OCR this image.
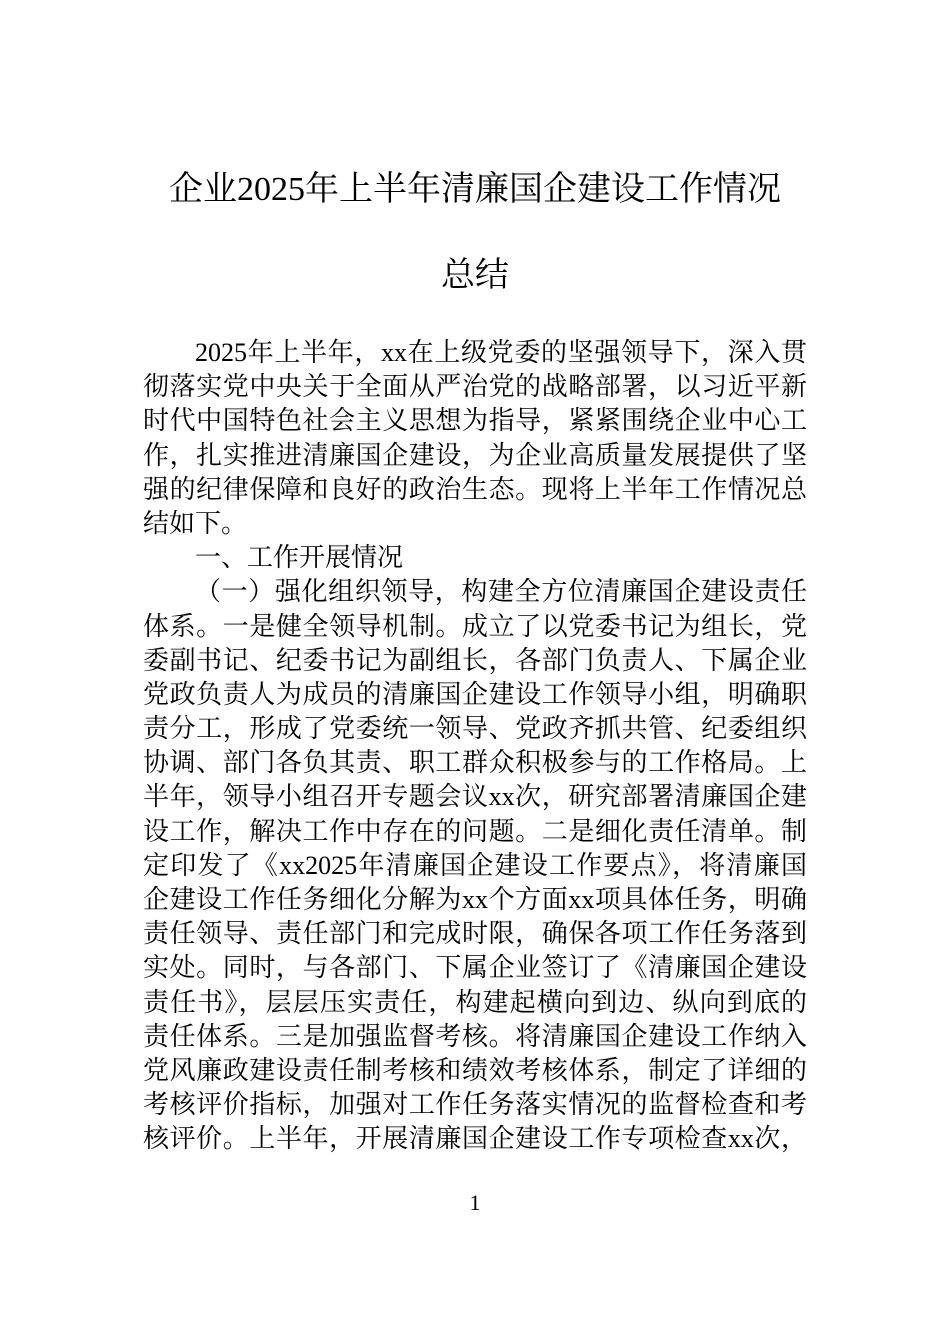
企业2025年上半年清廉国企建设工作情况
总结
2025年上半年，xx在上级党委的坚强领导下，深入贯
彻落实党中央关于全面从严治党的战略部署，以习近平新
时代中国特色社会主义思想为指导，紧紧围绕企业中心工
作，扎实推进清廉国企建设，为企业高质量发展提供了坚
强的纪律保障和良好的政治生态。现将上半年工作情况总
结如下。
一、工作开展情况
（一）强化组织领导，构建全方位清廉国企建设责任
体系。一是健全领导机制。成立了以党委书记为组长，党
委副书记、纪委书记为副组长，各部门负责人、下属企业
党政负责人为成员的清廉国企建设工作领导小组，明确职
责分工，形成了党委统一领导、党政齐抓共管、纪委组织
协调、部门各负其责、职工群众积极参与的工作格局。上
半年，领导小组召开专题会议xx次，研究部署清廉国企建
设工作，解决工作中存在的问题。二是细化责任清单。制
定印发了《xx2025年清廉国企建设工作要点》，将清廉国
企建设工作任务细化分解为xx个方面xx项具体任务，明确
责任领导、责任部门和完成时限，确保各项工作任务落到
实处。同时，与各部门、下属企业签订了《清廉国企建设
责任书》，层层压实责任，构建起横向到边、纵向到底的
责任体系。三是加强监督考核。将清廉国企建设工作纳入
党风廉政建设责任制考核和绩效考核体系，制定了详细的
考核评价指标，加强对工作任务落实情况的监督检查和考
核评价。上半年，开展清廉国企建设工作专项检查xx次，
1
